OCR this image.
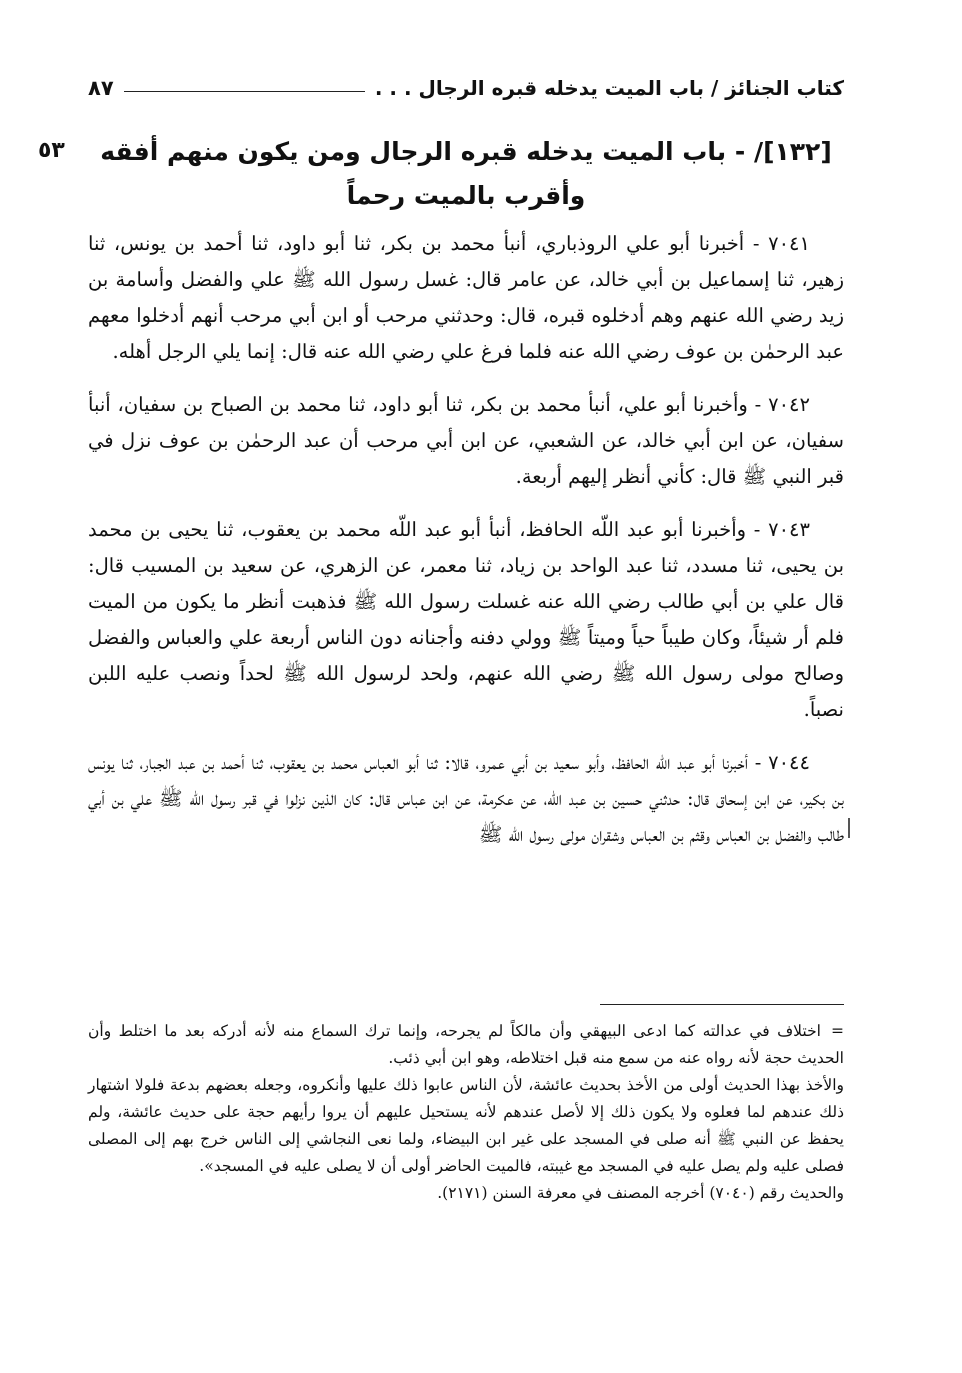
كتاب الجنائز / باب الميت يدخله قبره الرجال . . .
٨٧
٥٣	[١٣٢]/ - باب الميت يدخله قبره الرجال ومن يكون منهم أفقه وأقرب بالميت رحماً

٧٠٤١ - أخبرنا أبو علي الروذباري، أنبأ محمد بن بكر، ثنا أبو داود، ثنا أحمد بن يونس، ثنا زهير، ثنا إسماعيل بن أبي خالد، عن عامر قال: غسل رسول الله ﷺ علي والفضل وأسامة بن زيد رضي الله عنهم وهم أدخلوه قبره، قال: وحدثني مرحب أو ابن أبي مرحب أنهم أدخلوا معهم عبد الرحمٰن بن عوف رضي الله عنه فلما فرغ علي رضي الله عنه قال: إنما يلي الرجل أهله.

٧٠٤٢ - وأخبرنا أبو علي، أنبأ محمد بن بكر، ثنا أبو داود، ثنا محمد بن الصباح بن سفيان، أنبأ سفيان، عن ابن أبي خالد، عن الشعبي، عن ابن أبي مرحب أن عبد الرحمٰن بن عوف نزل في قبر النبي ﷺ قال: كأني أنظر إليهم أربعة.

٧٠٤٣ - وأخبرنا أبو عبد اللّه الحافظ، أنبأ أبو عبد اللّه محمد بن يعقوب، ثنا يحيى بن محمد بن يحيى، ثنا مسدد، ثنا عبد الواحد بن زياد، ثنا معمر، عن الزهري، عن سعيد بن المسيب قال: قال علي بن أبي طالب رضي الله عنه غسلت رسول الله ﷺ فذهبت أنظر ما يكون من الميت فلم أر شيئاً، وكان طيباً حياً وميتاً ﷺ وولي دفنه وأجنانه دون الناس أربعة علي والعباس والفضل وصالح مولى رسول الله ﷺ رضي الله عنهم، ولحد لرسول الله ﷺ لحداً ونصب عليه اللبن نصباً.

٧٠٤٤ - أخبرنا أبو عبد اللّه الحافظ، وأبو سعيد بن أبي عمرو، قالا: ثنا أبو العباس محمد بن يعقوب، ثنا أحمد بن عبد الجبار، ثنا يونس بن بكير، عن ابن إسحاق قال: حدثني حسين بن عبد اللّه، عن عكرمة، عن ابن عباس قال: كان الذين نزلوا في قبر رسول الله ﷺ علي بن أبي طالب والفضل بن العباس وقثم بن العباس وشقران مولى رسول الله ﷺ

=اختلاف في عدالته كما ادعى البيهقي وأن مالكاً لم يجرحه، وإنما ترك السماع منه لأنه أدركه بعد ما اختلط وأن الحديث حجة لأنه رواه عنه من سمع منه قبل اختلاطه، وهو ابن أبي ذئب.

والأخذ بهذا الحديث أولى من الأخذ بحديث عائشة، لأن الناس عابوا ذلك عليها وأنكروه، وجعله بعضهم بدعة فلولا اشتهار ذلك عندهم لما فعلوه ولا يكون ذلك إلا لأصل عندهم لأنه يستحيل عليهم أن يروا رأيهم حجة على حديث عائشة، ولم يحفظ عن النبي ﷺ أنه صلى في المسجد على غير ابن البيضاء، ولما نعى النجاشي إلى الناس خرج بهم إلى المصلى فصلى عليه ولم يصل عليه في المسجد مع غيبته، فالميت الحاضر أولى أن لا يصلى عليه في المسجد».

والحديث رقم (٧٠٤٠) أخرجه المصنف في معرفة السنن (٢١٧١).
